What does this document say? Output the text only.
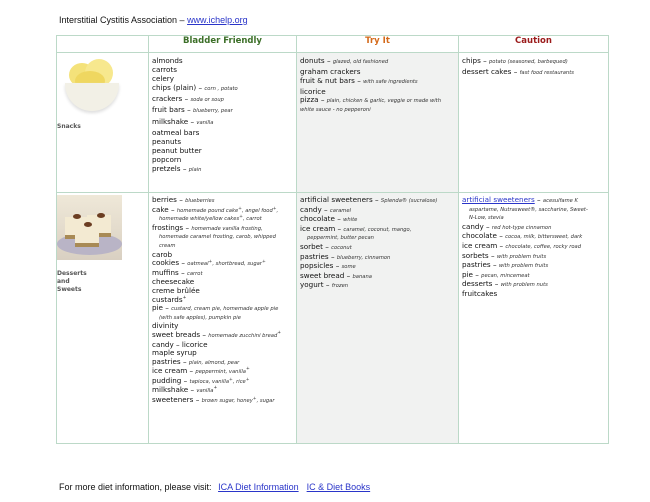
Interstitial Cystitis Association – www.ichelp.org
	Bladder Friendly	Try It	Caution

Snacks

almonds
carrots
celery
chips (plain) – corn , potato
crackers – soda or soup
fruit bars – blueberry, pear
milkshake – vanilla
oatmeal bars
peanuts
peanut butter
popcorn
pretzels – plain

donuts – glazed, old fashioned
graham crackers
fruit & nut bars – with safe ingredients
licorice
pizza – plain, chicken & garlic, veggie or made with white sauce - no pepperoni

chips – potato (seasoned, barbequed)
dessert cakes – fast food restaurants

Desserts
and
Sweets

berries – blueberries
cake – homemade pound cake+, angel food+,
homemade white/yellow cakes+, carrot
frostings – homemade vanilla frosting,
homemade caramel frosting, carob, whipped
cream
carob
cookies – oatmeal+, shortbread, sugar+
muffins – carrot
cheesecake
creme brûlée
custards+
pie – custard, cream pie, homemade apple pie
(with safe apples), pumpkin pie
divinity
sweet breads – homemade zucchini bread+
candy – licorice
maple syrup
pastries – plain, almond, pear
ice cream – peppermint, vanilla+
pudding – tapioca, vanilla+, rice+
milkshake – vanilla+
sweeteners – brown sugar, honey+, sugar

artificial sweeteners – Splenda® (sucralose)
candy – caramel
chocolate – white
ice cream – caramel, coconut, mango,
peppermint, butter pecan
sorbet – coconut
pastries – blueberry, cinnamon
popsicles – some
sweet bread – banana
yogurt – frozen

artificial sweeteners – acesulfame K
aspartame, Nutrasweet®, saccharine, Sweet-
N-Low, stevia
candy – red hot-type cinnamon
chocolate – cocoa, milk, bittersweet, dark
ice cream – chocolate, coffee, rocky road
sorbets – with problem fruits
pastries – with problem fruits
pie – pecan, mincemeat
desserts – with problem nuts
fruitcakes
For more diet information, please visit: ICA Diet Information IC & Diet Books
